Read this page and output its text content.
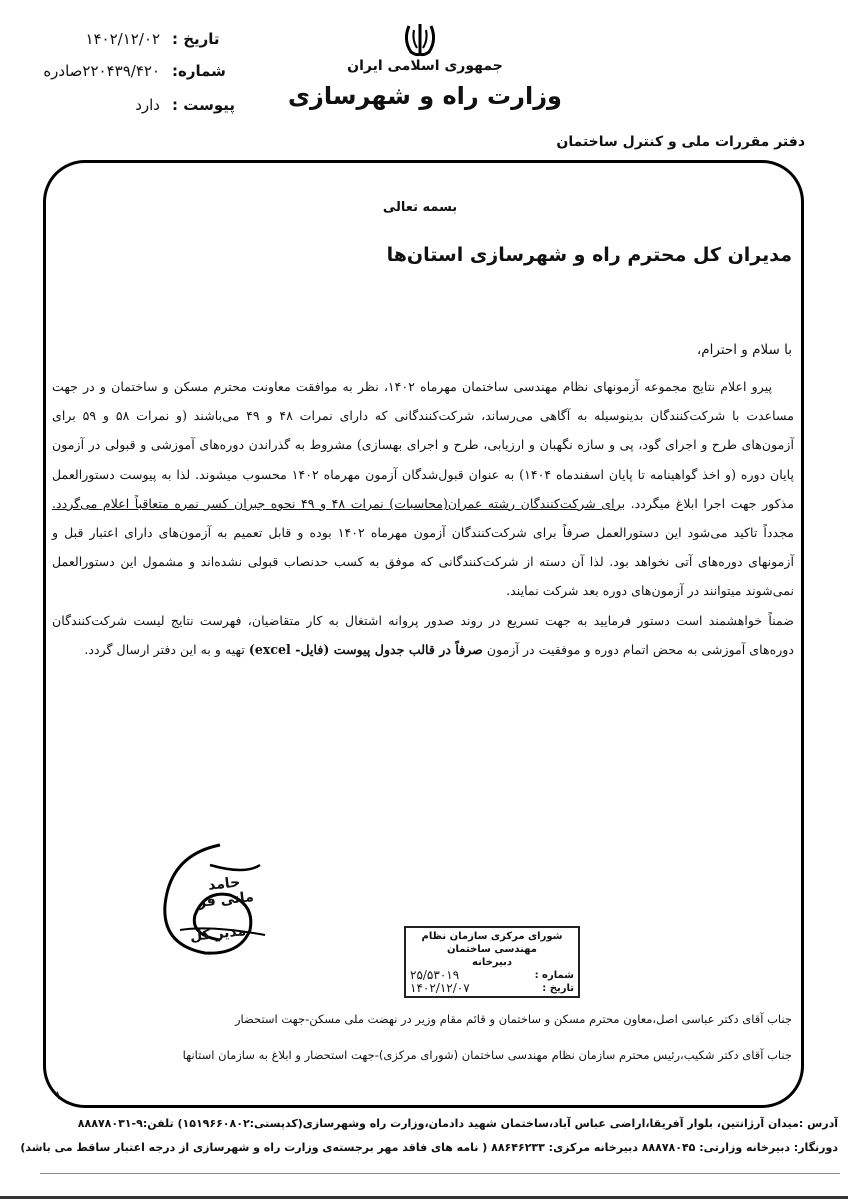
تاریخ :
۱۴۰۲/۱۲/۰۲
شماره:
۲۲۰۴۳۹/۴۲۰صادره
پیوست :
دارد
جمهوری اسلامی ایران
وزارت راه و شهرسازی
دفتر مقررات ملی و کنترل ساختمان
بسمه تعالی
مدیران کل محترم راه و شهرسازی استان‌ها
با سلام و احترام،

پیرو اعلام نتایج مجموعه آزمونهای نظام مهندسی ساختمان مهرماه ۱۴۰۲، نظر به موافقت معاونت محترم مسکن و ساختمان و در جهت مساعدت با شرکت‌کنندگان بدینوسیله به آگاهی می‌رساند، شرکت‌کنندگانی که دارای نمرات ۴۸ و ۴۹ می‌باشند (و نمرات ۵۸ و ۵۹ برای آزمون‌های طرح و اجرای گود، پی و سازه نگهبان و ارزیابی، طرح و اجرای بهسازی) مشروط به گذراندن دوره‌های آموزشی و قبولی در آزمون پایان دوره (و اخذ گواهینامه تا پایان اسفندماه ۱۴۰۴) به عنوان قبول‌شدگان آزمون مهرماه ۱۴۰۲ محسوب میشوند. لذا به پیوست دستورالعمل مذکور جهت اجرا ابلاغ میگردد. برای شرکت‌کنندگان رشته عمران(محاسبات) نمرات ۴۸ و ۴۹ نحوه جبران کسر نمره متعاقباً اعلام می‌گردد. مجدداً تاکید می‌شود این دستورالعمل صرفاً برای شرکت‌کنندگان آزمون مهرماه ۱۴۰۲ بوده و قابل تعمیم به آزمون‌های دارای اعتبار قبل و آزمونهای دوره‌های آتی نخواهد بود. لذا آن دسته از شرکت‌کنندگانی که موفق به کسب حدنصاب قبولی نشده‌اند و مشمول این دستورالعمل نمی‌شوند میتوانند در آزمون‌های دوره بعد شرکت نمایند.

ضمناً خواهشمند است دستور فرمایید به جهت تسریع در روند صدور پروانه اشتغال به کار متقاضیان، فهرست نتایج لیست شرکت‌کنندگان دوره‌های آموزشی به محض اتمام دوره و موفقیت در آزمون صرفاً در قالب جدول پیوست (فایل- excel) تهیه و به این دفتر ارسال گردد.

حامد مانی فر
مدیر کل	شورای مرکزی سازمان نظام مهندسی ساختمان
دبیرخانه
شماره :
۲۵/۵۳۰۱۹
تاریخ :
۱۴۰۲/۱۲/۰۷
جناب آقای دکتر عباسی اصل،معاون محترم مسکن و ساختمان و قائم مقام وزیر در نهضت ملی مسکن-جهت استحضار
جناب آقای دکتر شکیب،رئیس محترم سازمان نظام مهندسی ساختمان (شورای مرکزی)-جهت استحضار و ابلاغ به سازمان استانها
۱
آدرس :میدان آرژانتین، بلوار آفریقا،اراضی عباس آباد،ساختمان شهید دادمان،وزارت راه وشهرسازی(کدپستی:۱۵۱۹۶۶۰۸۰۲) تلفن:۹-۸۸۸۷۸۰۳۱
دورنگار: دبیرخانه وزارتی: ۸۸۸۷۸۰۴۵ دبیرخانه مرکزی: ۸۸۶۴۶۲۳۳ ( نامه های فاقد مهر برجسته‌ی وزارت راه و شهرسازی از درجه اعتبار ساقط می باشد)
